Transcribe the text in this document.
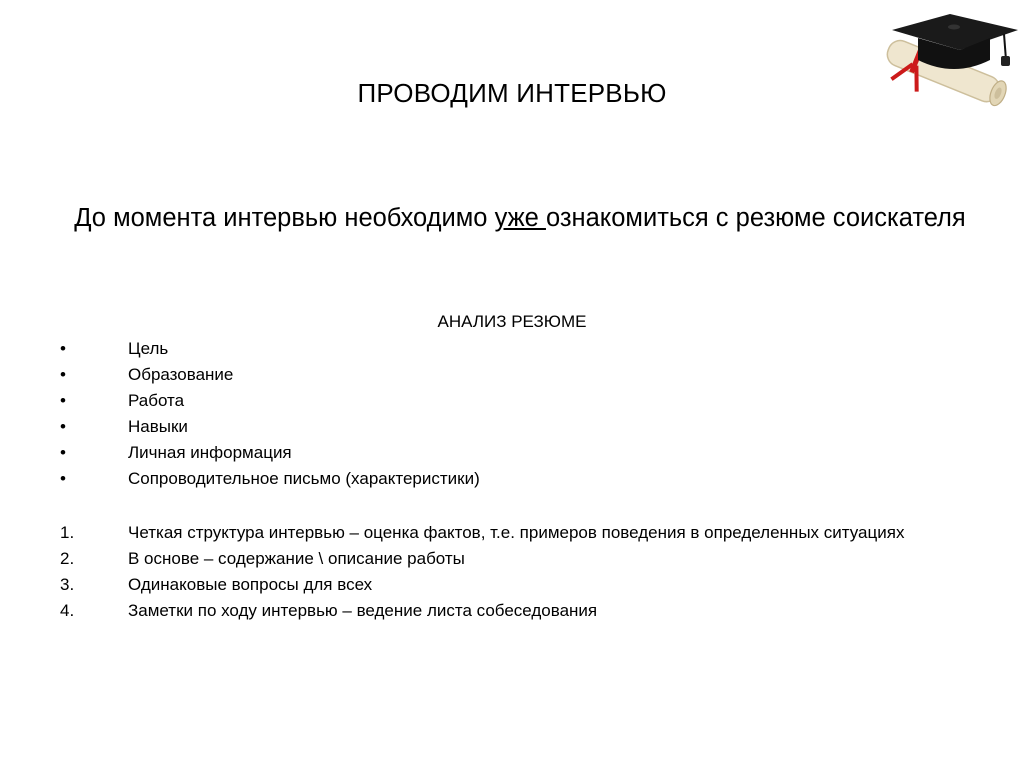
ПРОВОДИМ ИНТЕРВЬЮ
До момента интервью необходимо уже ознакомиться с резюме соискателя
АНАЛИЗ РЕЗЮМЕ
•	Цель
•	Образование
•	Работа
•	Навыки
•	Личная информация
•	Сопроводительное письмо (характеристики)
1.	Четкая структура интервью – оценка фактов, т.е. примеров поведения в определенных ситуациях
2.	В основе – содержание \ описание работы
3.	Одинаковые вопросы для всех
4.	Заметки по ходу интервью – ведение листа собеседования
